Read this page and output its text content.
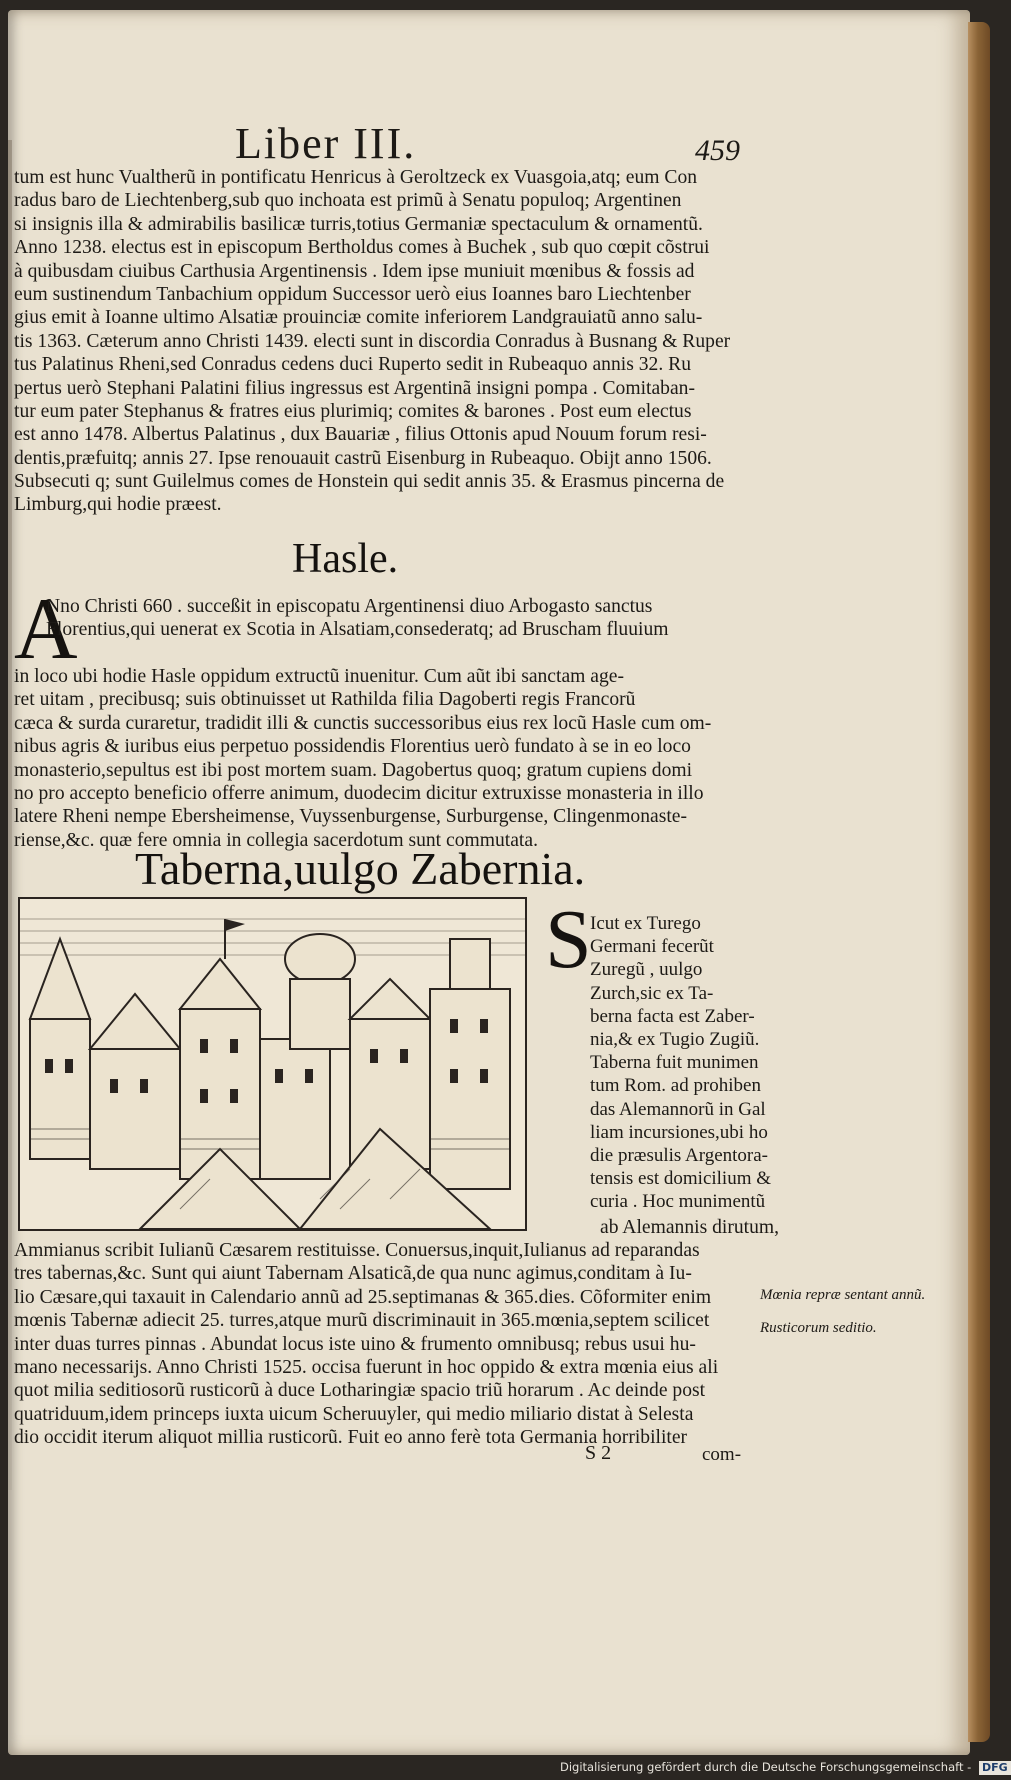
Liber III.	459
tum est hunc Vualtherũ in pontificatu Henricus à Geroltzeck ex Vuasgoia,atq; eum Con
radus baro de Liechtenberg,sub quo inchoata est primũ à Senatu populoq; Argentinen
si insignis illa & admirabilis basilicæ turris,totius Germaniæ spectaculum & ornamentũ.
Anno 1238. electus est in episcopum Bertholdus comes à Buchek , sub quo cœpit cõstrui
à quibusdam ciuibus Carthusia Argentinensis . Idem ipse muniuit mœnibus & fossis ad
eum sustinendum Tanbachium oppidum Successor uerò eius Ioannes baro Liechtenber
gius emit à Ioanne ultimo Alsatiæ prouinciæ comite inferiorem Landgrauiatũ anno salu-
tis 1363. Cæterum anno Christi 1439. electi sunt in discordia Conradus à Busnang & Ruper
tus Palatinus Rheni,sed Conradus cedens duci Ruperto sedit in Rubeaquo annis 32. Ru
pertus uerò Stephani Palatini filius ingressus est Argentinã insigni pompa . Comitaban-
tur eum pater Stephanus & fratres eius plurimiq; comites & barones . Post eum electus
est anno 1478. Albertus Palatinus , dux Bauariæ , filius Ottonis apud Nouum forum resi-
dentis,præfuitq; annis 27. Ipse renouauit castrũ Eisenburg in Rubeaquo. Obijt anno 1506.
Subsecuti q; sunt Guilelmus comes de Honstein qui sedit annis 35. & Erasmus pincerna de
Limburg,qui hodie præest.
Hasle.
A
Nno Christi 660 . succeßit in episcopatu Argentinensi diuo Arbogasto sanctus
Florentius,qui uenerat ex Scotia in Alsatiam,consederatq; ad Bruscham fluuium
in loco ubi hodie Hasle oppidum extructũ inuenitur. Cum aũt ibi sanctam age-
ret uitam , precibusq; suis obtinuisset ut Rathilda filia Dagoberti regis Francorũ
cæca & surda curaretur, tradidit illi & cunctis successoribus eius rex locũ Hasle cum om-
nibus agris & iuribus eius perpetuo possidendis Florentius uerò fundato à se in eo loco
monasterio,sepultus est ibi post mortem suam. Dagobertus quoq; gratum cupiens domi
no pro accepto beneficio offerre animum, duodecim dicitur extruxisse monasteria in illo
latere Rheni nempe Ebersheimense, Vuyssenburgense, Surburgense, Clingenmonaste-
riense,&c. quæ fere omnia in collegia sacerdotum sunt commutata.
Taberna,uulgo Zabernia.
S
Icut ex Turego
Germani fecerũt
Zuregũ , uulgo
Zurch,sic ex Ta-
berna facta est Zaber-
nia,& ex Tugio Zugiũ.
Taberna fuit munimen
tum Rom. ad prohiben
das Alemannorũ in Gal
liam incursiones,ubi ho
die præsulis Argentora-
tensis est domicilium &
curia . Hoc munimentũ
ab Alemannis dirutum,
Ammianus scribit Iulianũ Cæsarem restituisse. Conuersus,inquit,Iulianus ad reparandas
tres tabernas,&c. Sunt qui aiunt Tabernam Alsaticã,de qua nunc agimus,conditam à Iu-
lio Cæsare,qui taxauit in Calendario annũ ad 25.septimanas & 365.dies. Cõformiter enim
mœnis Tabernæ adiecit 25. turres,atque murũ discriminauit in 365.mœnia,septem scilicet
inter duas turres pinnas . Abundat locus iste uino & frumento omnibusq; rebus usui hu-
mano necessarijs. Anno Christi 1525. occisa fuerunt in hoc oppido & extra mœnia eius ali
quot milia seditiosorũ rusticorũ à duce Lotharingiæ spacio triũ horarum . Ac deinde post
quatriduum,idem princeps iuxta uicum Scheruuyler, qui medio miliario distat à Selesta
dio occidit iterum aliquot millia rusticorũ. Fuit eo anno ferè tota Germania horribiliter
Mœnia repræ sentant annũ.
Rusticorum seditio.
S 2	com-
Digitalisierung gefördert durch die Deutsche Forschungsgemeinschaft - DFG
